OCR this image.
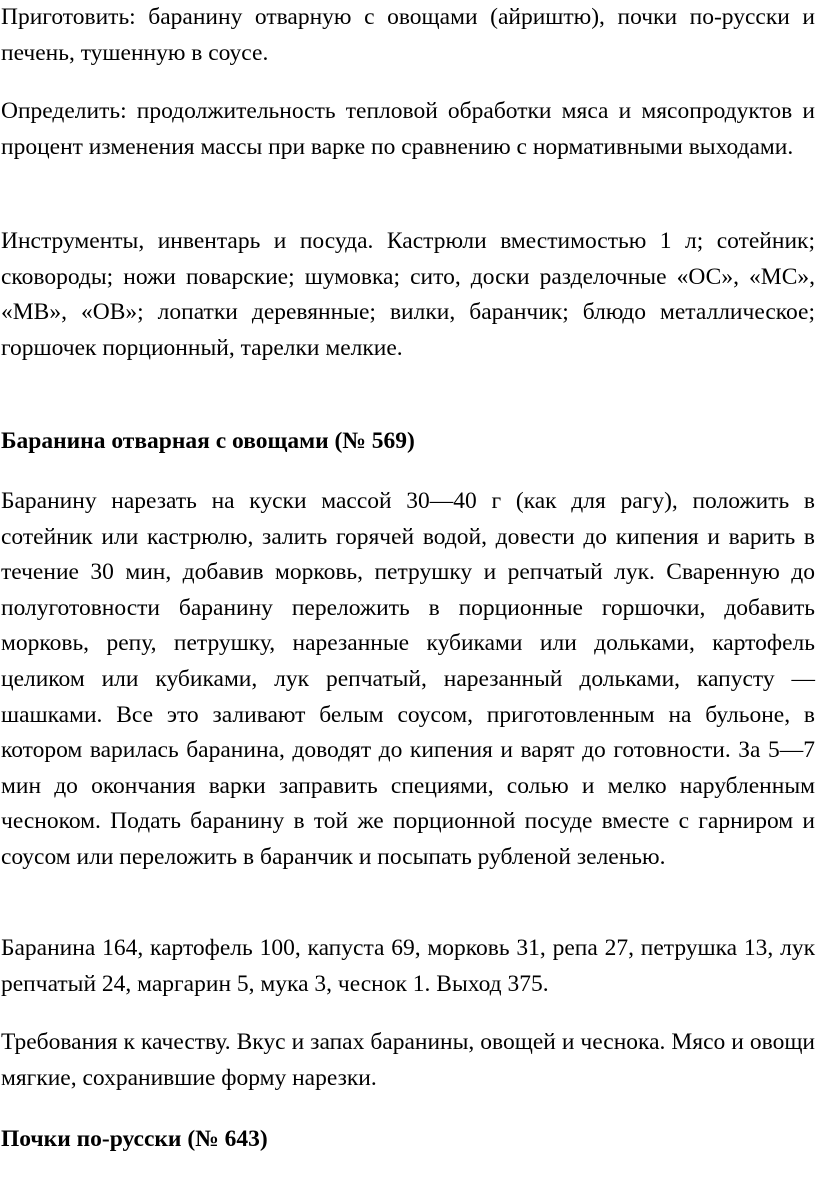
Приготовить: баранину отварную с овощами (айриштю), почки по-русски и печень, тушенную в соусе.

Определить: продолжительность тепловой обработки мяса и мясопродуктов и процент изменения массы при варке по сравнению с нормативными выходами.

Инструменты, инвентарь и посуда. Кастрюли вместимостью 1 л; сотейник; сковороды; ножи поварские; шумовка; сито, доски разделочные «ОС», «МС», «МВ», «ОВ»; лопатки деревянные; вилки, баранчик; блюдо металлическое; горшочек порционный, тарелки мелкие.

Баранина отварная с овощами (№ 569)

Баранину нарезать на куски массой 30—40 г (как для рагу), положить в сотейник или кастрюлю, залить горячей водой, довести до кипения и варить в течение 30 мин, добавив морковь, петрушку и репчатый лук. Сваренную до полуготовности баранину переложить в порционные горшочки, добавить морковь, репу, петрушку, нарезанные кубиками или дольками, картофель целиком или кубиками, лук репчатый, нарезанный дольками, капусту — шашками. Все это заливают белым соусом, приготовленным на бульоне, в котором варилась баранина, доводят до кипения и варят до готовности. За 5—7 мин до окончания варки заправить специями, солью и мелко нарубленным чесноком. Подать баранину в той же порционной посуде вместе с гарниром и соусом или переложить в баранчик и посыпать рубленой зеленью.

Баранина 164, картофель 100, капуста 69, морковь 31, репа 27, петрушка 13, лук репчатый 24, маргарин 5, мука 3, чеснок 1. Выход 375.

Требования к качеству. Вкус и запах баранины, овощей и чеснока. Мясо и овощи мягкие, сохранившие форму нарезки.

Почки по-русски (№ 643)
